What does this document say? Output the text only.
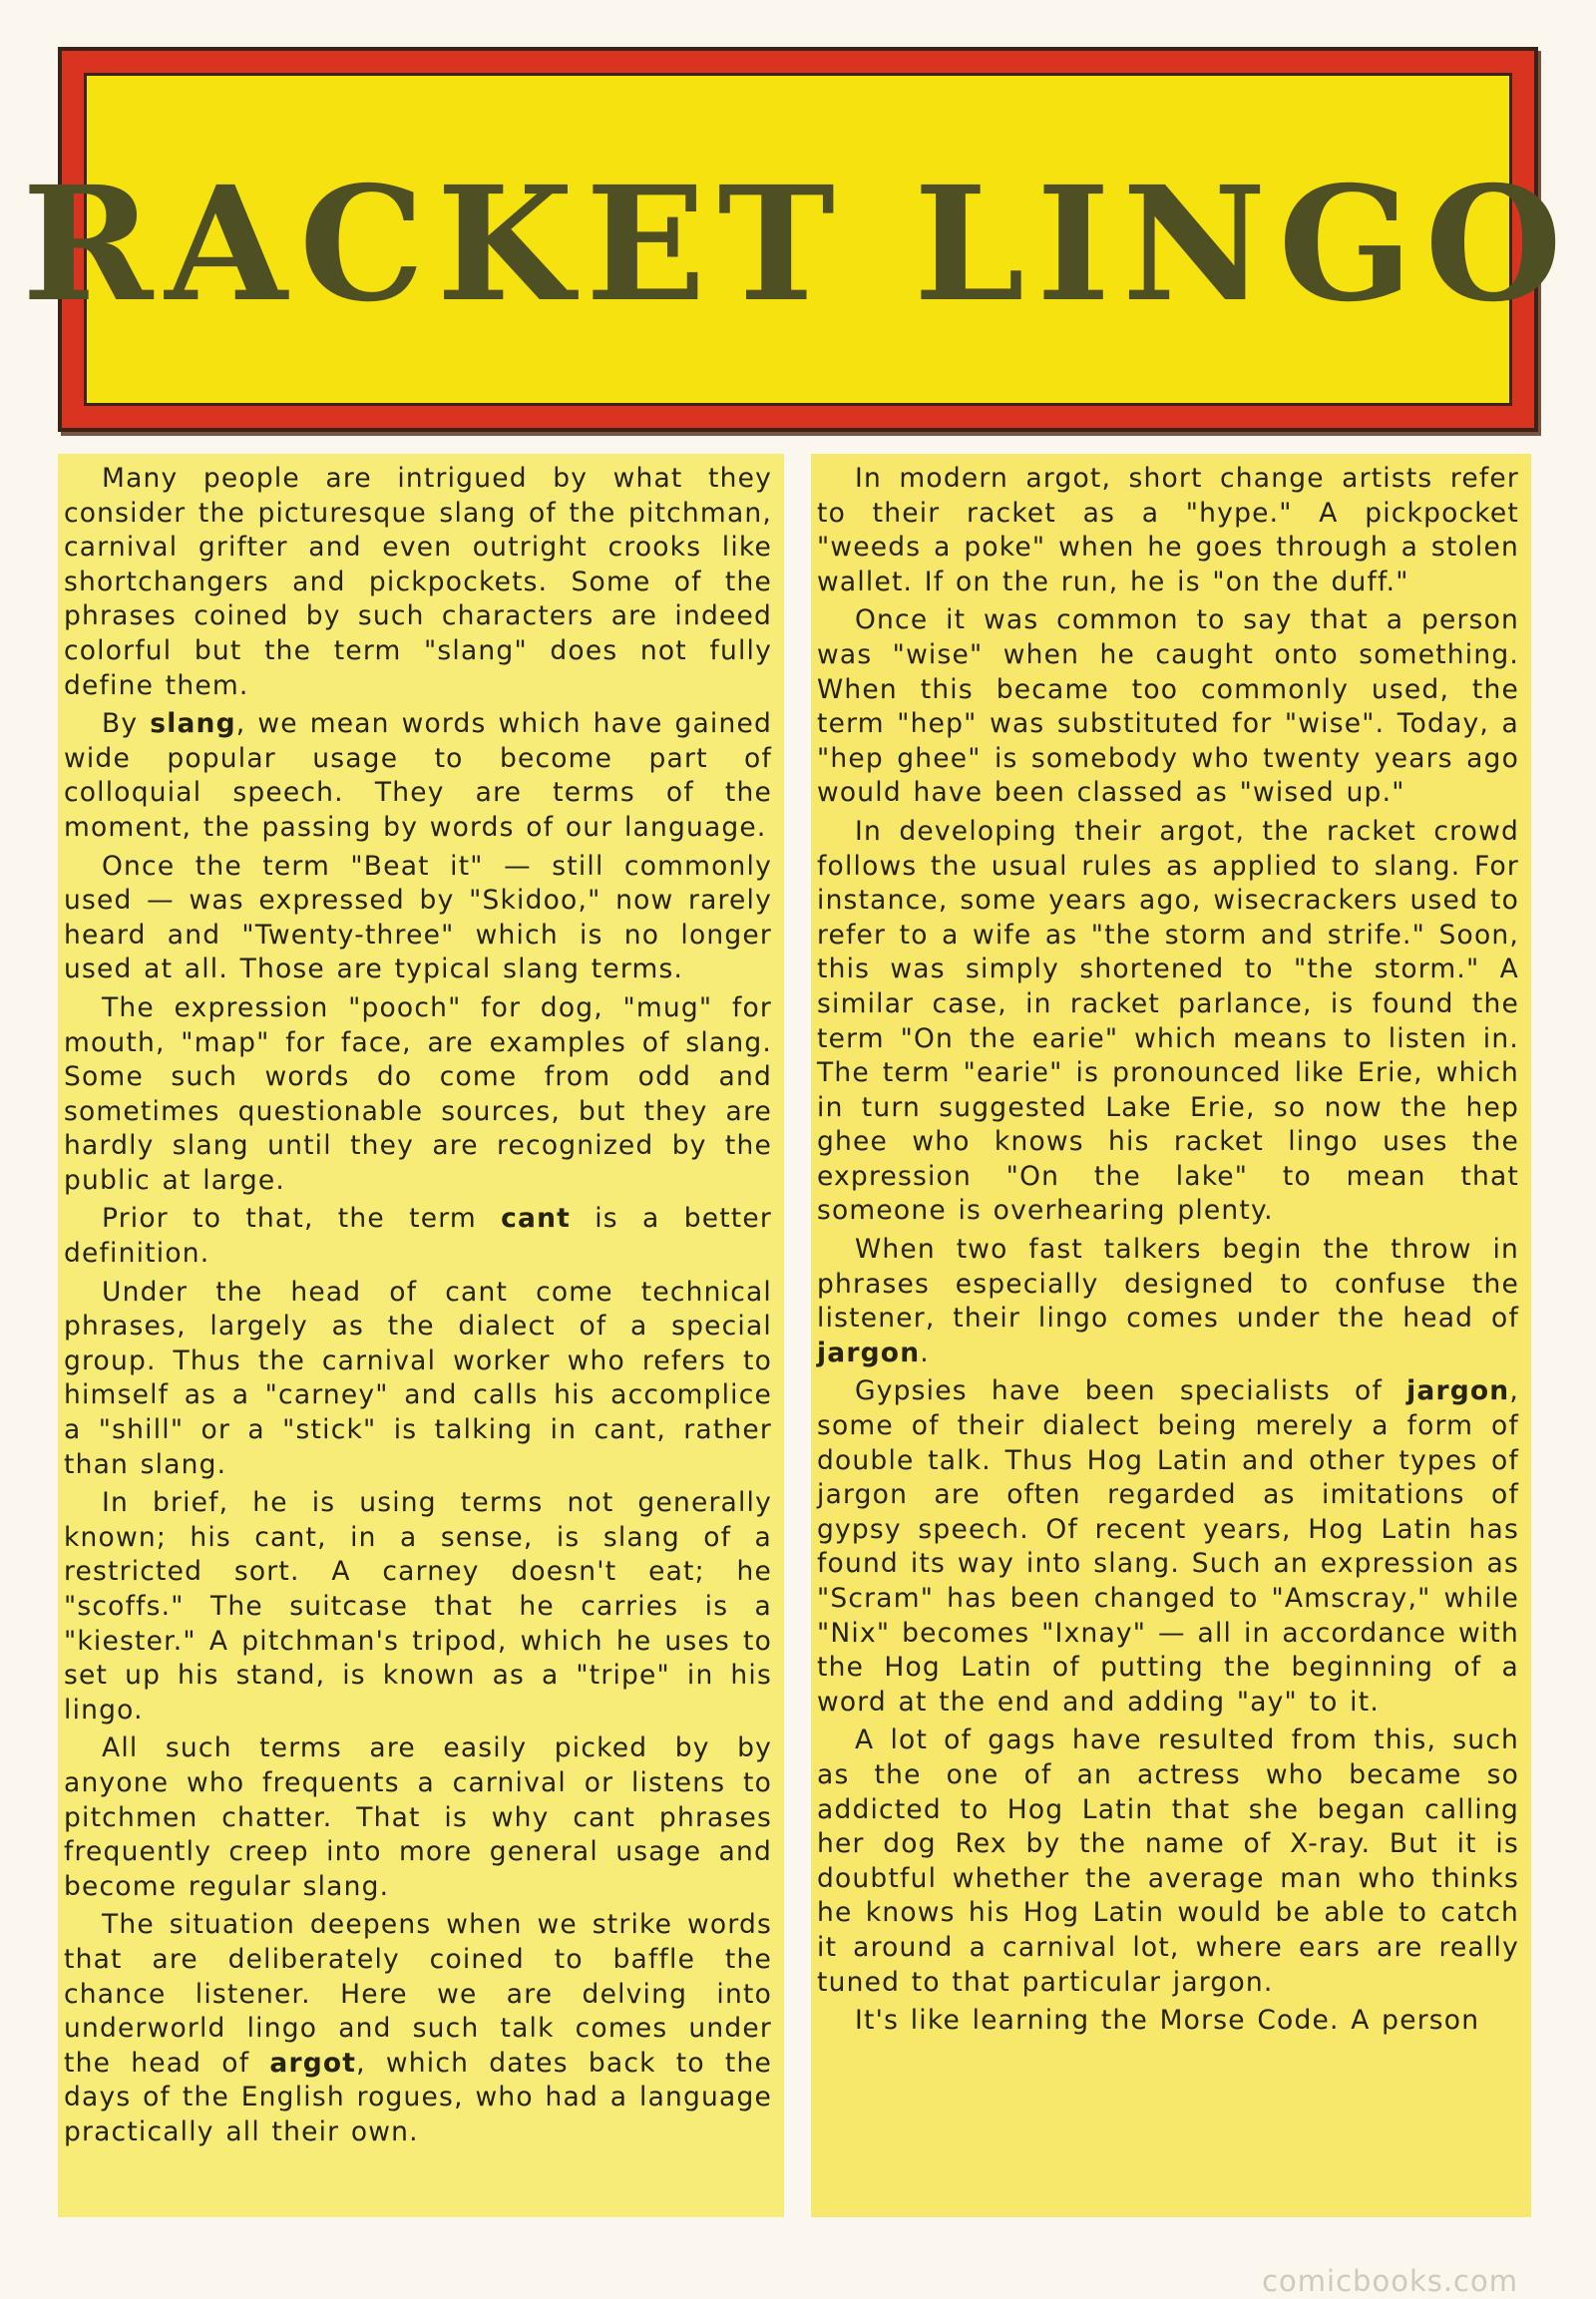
RACKET LINGO

Many people are intrigued by what they consider the picturesque slang of the pitchman, carnival grifter and even outright crooks like shortchangers and pickpockets. Some of the phrases coined by such characters are indeed colorful but the term "slang" does not fully define them.

By slang, we mean words which have gained wide popular usage to become part of colloquial speech. They are terms of the moment, the passing by words of our language.

Once the term "Beat it" — still commonly used — was expressed by "Skidoo," now rarely heard and "Twenty-three" which is no longer used at all. Those are typical slang terms.

The expression "pooch" for dog, "mug" for mouth, "map" for face, are examples of slang. Some such words do come from odd and sometimes questionable sources, but they are hardly slang until they are recognized by the public at large.

Prior to that, the term cant is a better definition.

Under the head of cant come technical phrases, largely as the dialect of a special group. Thus the carnival worker who refers to himself as a "carney" and calls his accomplice a "shill" or a "stick" is talking in cant, rather than slang.

In brief, he is using terms not generally known; his cant, in a sense, is slang of a restricted sort. A carney doesn't eat; he "scoffs." The suitcase that he carries is a "kiester." A pitchman's tripod, which he uses to set up his stand, is known as a "tripe" in his lingo.

All such terms are easily picked by by anyone who frequents a carnival or listens to pitchmen chatter. That is why cant phrases frequently creep into more general usage and become regular slang.

The situation deepens when we strike words that are deliberately coined to baffle the chance listener. Here we are delving into underworld lingo and such talk comes under the head of argot, which dates back to the days of the English rogues, who had a language practically all their own.

In modern argot, short change artists refer to their racket as a "hype." A pickpocket "weeds a poke" when he goes through a stolen wallet. If on the run, he is "on the duff."

Once it was common to say that a person was "wise" when he caught onto something. When this became too commonly used, the term "hep" was substituted for "wise". Today, a "hep ghee" is somebody who twenty years ago would have been classed as "wised up."

In developing their argot, the racket crowd follows the usual rules as applied to slang. For instance, some years ago, wisecrackers used to refer to a wife as "the storm and strife." Soon, this was simply shortened to "the storm." A similar case, in racket parlance, is found the term "On the earie" which means to listen in. The term "earie" is pronounced like Erie, which in turn suggested Lake Erie, so now the hep ghee who knows his racket lingo uses the expression "On the lake" to mean that someone is overhearing plenty.

When two fast talkers begin the throw in phrases especially designed to confuse the listener, their lingo comes under the head of jargon.

Gypsies have been specialists of jargon, some of their dialect being merely a form of double talk. Thus Hog Latin and other types of jargon are often regarded as imitations of gypsy speech. Of recent years, Hog Latin has found its way into slang. Such an expression as "Scram" has been changed to "Amscray," while "Nix" becomes "Ixnay" — all in accordance with the Hog Latin of putting the beginning of a word at the end and adding "ay" to it.

A lot of gags have resulted from this, such as the one of an actress who became so addicted to Hog Latin that she began calling her dog Rex by the name of X-ray. But it is doubtful whether the average man who thinks he knows his Hog Latin would be able to catch it around a carnival lot, where ears are really tuned to that particular jargon.

It's like learning the Morse Code. A person

comicbooks.com
